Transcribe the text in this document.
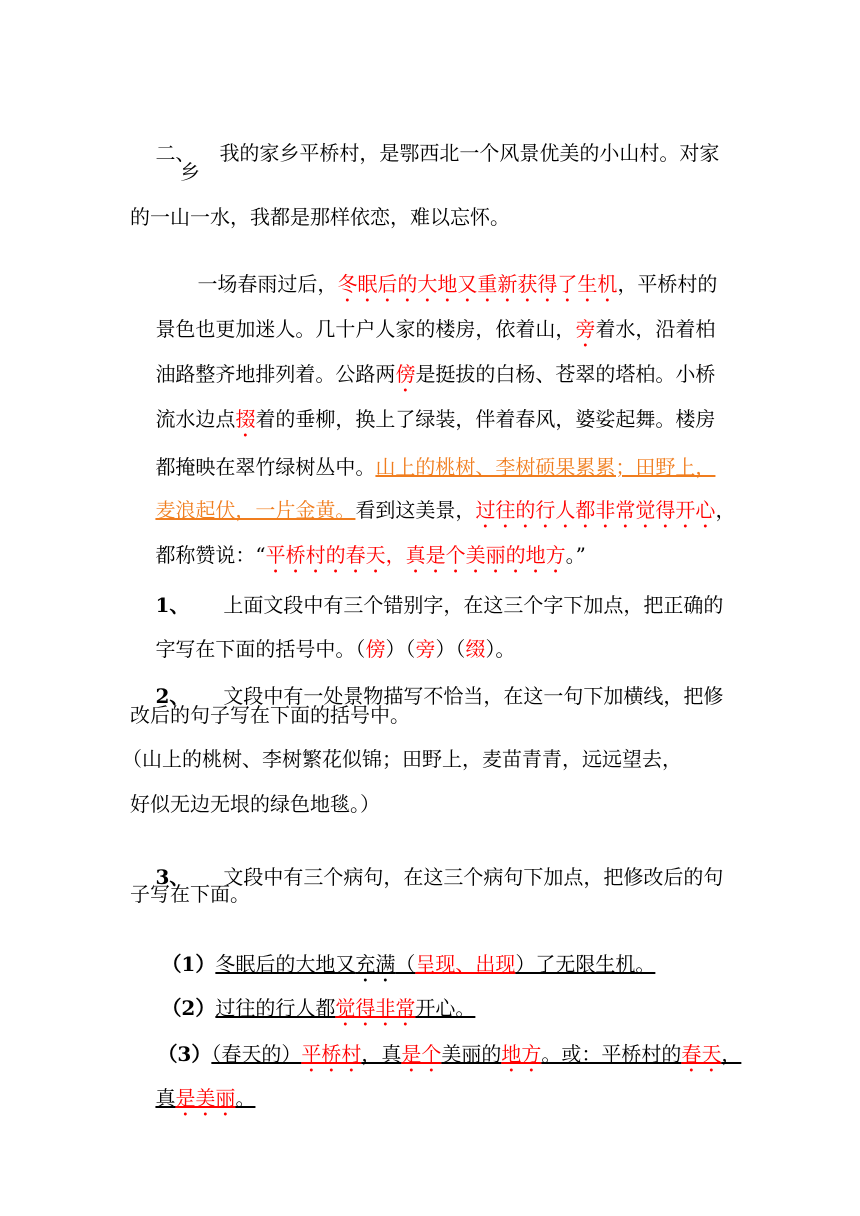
二、 我的家乡平桥村，是鄂西北一个风景优美的小山村。对家

乡
的一山一水，我都是那样依恋，难以忘怀。

一场春雨过后，冬眠后的大地又重新获得了生机，平桥村的

景色也更加迷人。几十户人家的楼房，依着山，旁着水，沿着柏

油路整齐地排列着。公路两傍是挺拔的白杨、苍翠的塔柏。小桥

流水边点掇着的垂柳，换上了绿装，伴着春风，婆娑起舞。楼房

都掩映在翠竹绿树丛中。山上的桃树、李树硕果累累；田野上，

麦浪起伏，一片金黄。看到这美景，过往的行人都非常觉得开心，

都称赞说：“平桥村的春天，真是个美丽的地方。”

1、 上面文段中有三个错别字，在这三个字下加点，把正确的

字写在下面的括号中。（傍）（旁）（缀）。

2、 文段中有一处景物描写不恰当，在这一句下加横线，把修

改后的句子写在下面的括号中。
（山上的桃树、李树繁花似锦；田野上，麦苗青青，远远望去，
好似无边无垠的绿色地毯。）

3、 文段中有三个病句，在这三个病句下加点，把修改后的句

子写在下面。

（1）冬眠后的大地又充满（呈现、出现）了无限生机。

（2）过往的行人都觉得非常开心。

（3）（春天的）平桥村，真是个美丽的地方。或：平桥村的春天，

真是美丽。
